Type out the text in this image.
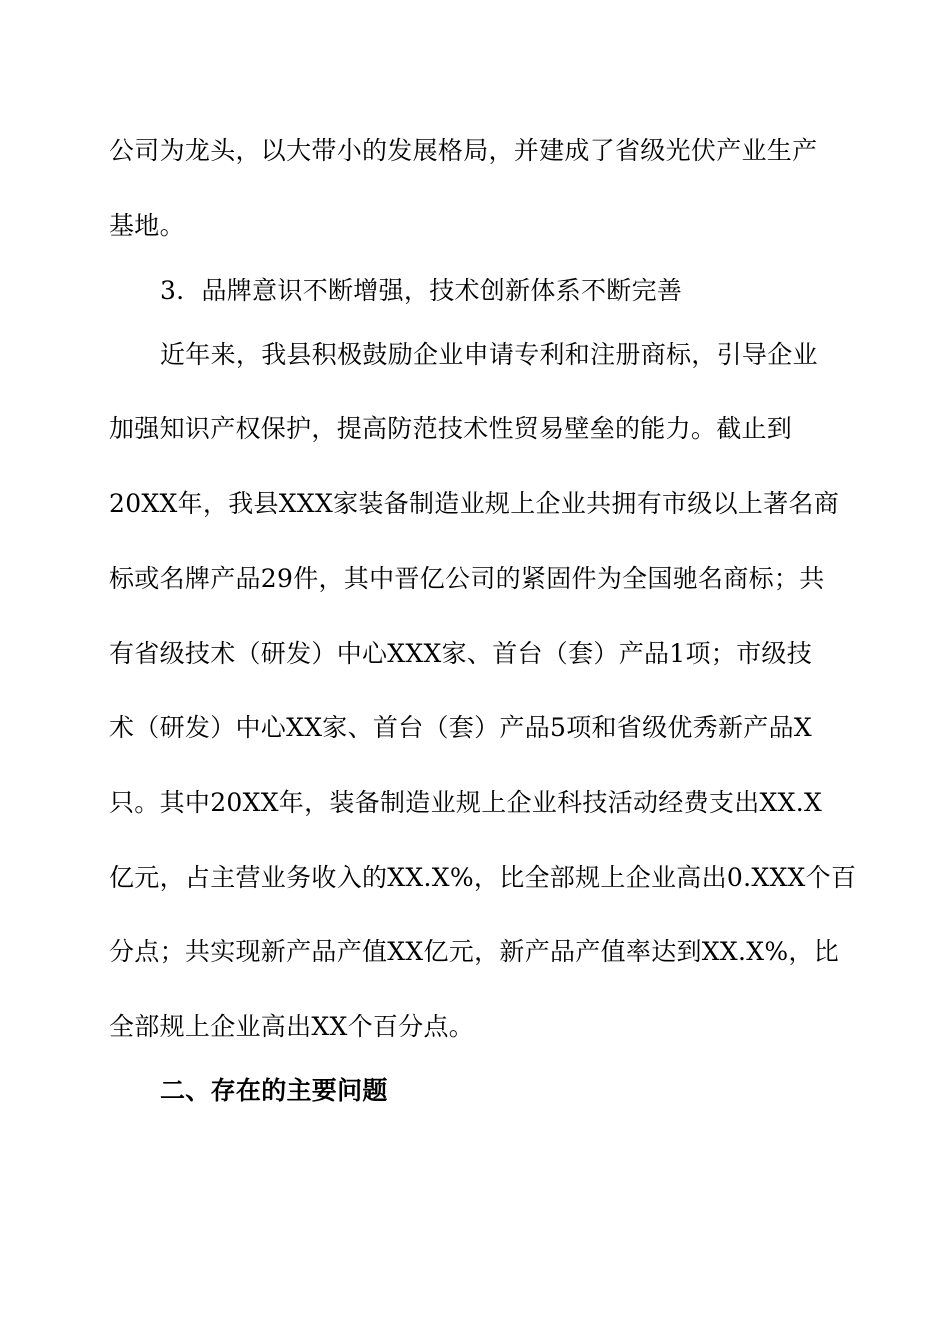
公司为龙头，以大带小的发展格局，并建成了省级光伏产业生产
基地。
3．品牌意识不断增强，技术创新体系不断完善
近年来，我县积极鼓励企业申请专利和注册商标，引导企业
加强知识产权保护，提高防范技术性贸易壁垒的能力。截止到
20XX年，我县XXX家装备制造业规上企业共拥有市级以上著名商
标或名牌产品29件，其中晋亿公司的紧固件为全国驰名商标；共
有省级技术（研发）中心XXX家、首台（套）产品1项；市级技
术（研发）中心XX家、首台（套）产品5项和省级优秀新产品X
只。其中20XX年，装备制造业规上企业科技活动经费支出XX.X
亿元，占主营业务收入的XX.X%，比全部规上企业高出0.XXX个百
分点；共实现新产品产值XX亿元，新产品产值率达到XX.X%，比
全部规上企业高出XX个百分点。
二、存在的主要问题
